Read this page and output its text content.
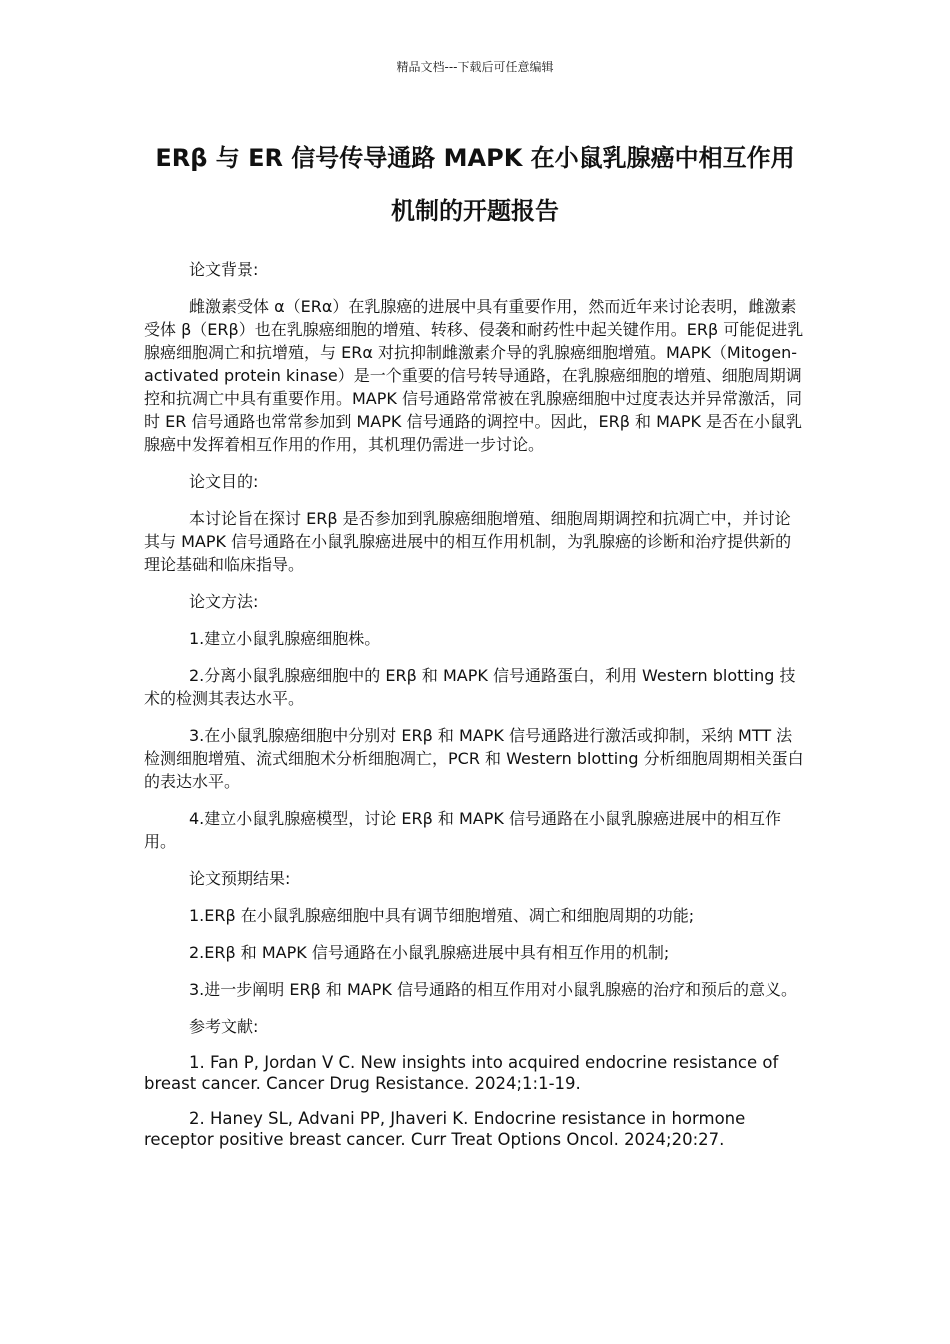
精品文档---下载后可任意编辑
ERβ 与 ER 信号传导通路 MAPK 在小鼠乳腺癌中相互作用
机制的开题报告

论文背景:

雌激素受体 α（ERα）在乳腺癌的进展中具有重要作用，然而近年来讨论表明，雌激素受体 β（ERβ）也在乳腺癌细胞的增殖、转移、侵袭和耐药性中起关键作用。ERβ 可能促进乳腺癌细胞凋亡和抗增殖，与 ERα 对抗抑制雌激素介导的乳腺癌细胞增殖。MAPK（Mitogen-activated protein kinase）是一个重要的信号转导通路，在乳腺癌细胞的增殖、细胞周期调控和抗凋亡中具有重要作用。MAPK 信号通路常常被在乳腺癌细胞中过度表达并异常激活，同时 ER 信号通路也常常参加到 MAPK 信号通路的调控中。因此，ERβ 和 MAPK 是否在小鼠乳腺癌中发挥着相互作用的作用，其机理仍需进一步讨论。

论文目的:

本讨论旨在探讨 ERβ 是否参加到乳腺癌细胞增殖、细胞周期调控和抗凋亡中，并讨论其与 MAPK 信号通路在小鼠乳腺癌进展中的相互作用机制，为乳腺癌的诊断和治疗提供新的理论基础和临床指导。

论文方法:

1.建立小鼠乳腺癌细胞株。

2.分离小鼠乳腺癌细胞中的 ERβ 和 MAPK 信号通路蛋白，利用 Western blotting 技术的检测其表达水平。

3.在小鼠乳腺癌细胞中分别对 ERβ 和 MAPK 信号通路进行激活或抑制，采纳 MTT 法检测细胞增殖、流式细胞术分析细胞凋亡，PCR 和 Western blotting 分析细胞周期相关蛋白的表达水平。

4.建立小鼠乳腺癌模型，讨论 ERβ 和 MAPK 信号通路在小鼠乳腺癌进展中的相互作用。

论文预期结果:

1.ERβ 在小鼠乳腺癌细胞中具有调节细胞增殖、凋亡和细胞周期的功能;

2.ERβ 和 MAPK 信号通路在小鼠乳腺癌进展中具有相互作用的机制;

3.进一步阐明 ERβ 和 MAPK 信号通路的相互作用对小鼠乳腺癌的治疗和预后的意义。

参考文献:

1. Fan P, Jordan V C. New insights into acquired endocrine resistance of breast cancer. Cancer Drug Resistance. 2024;1:1-19.

2. Haney SL, Advani PP, Jhaveri K. Endocrine resistance in hormone receptor positive breast cancer. Curr Treat Options Oncol. 2024;20:27.
